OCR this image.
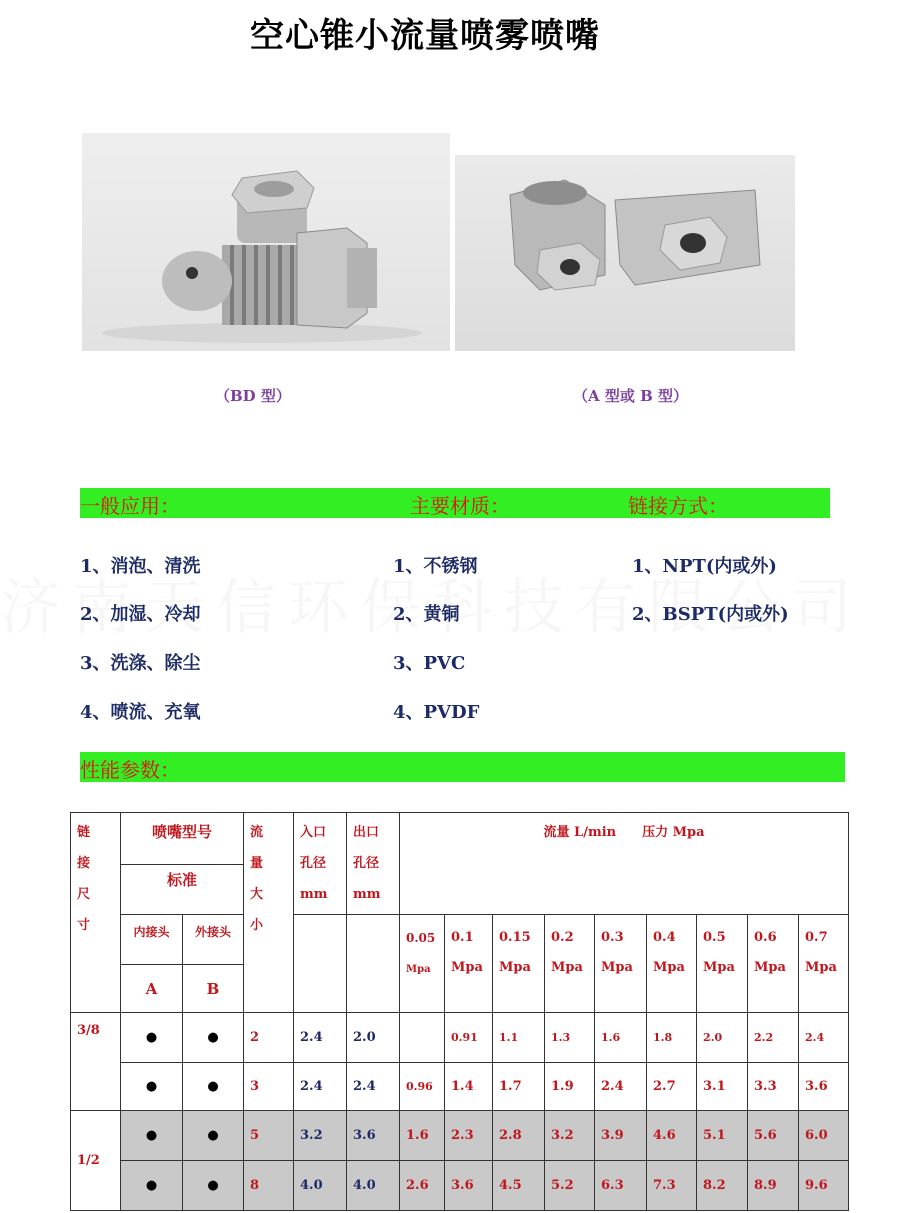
空心锥小流量喷雾喷嘴
（BD 型）	（A 型或 B 型）
一般应用：	主要材质：	链接方式：
1、消泡、清洗
2、加湿、冷却
3、洗涤、除尘
4、喷流、充氧
1、不锈钢
2、黄铜
3、PVC
4、PVDF
1、NPT(内或外)
2、BSPT(内或外)
性能参数：
链
接
尺
寸	喷嘴型号		流
量
大
小	入口
孔径
mm	出口
孔径
mm	流量 L/min　　压力 Mpa								
	标准													
	内接头	外接头				0.05
Mpa	0.1
Mpa	0.15
Mpa	0.2
Mpa	0.3
Mpa	0.4
Mpa	0.5
Mpa	0.6
Mpa	0.7
Mpa
	A	B												
3/8	●	●	2	2.4	2.0		0.91	1.1	1.3	1.6	1.8	2.0	2.2	2.4
	●	●	3	2.4	2.4	0.96	1.4	1.7	1.9	2.4	2.7	3.1	3.3	3.6
1/2	●	●	5	3.2	3.6	1.6	2.3	2.8	3.2	3.9	4.6	5.1	5.6	6.0
	●	●	8	4.0	4.0	2.6	3.6	4.5	5.2	6.3	7.3	8.2	8.9	9.6
